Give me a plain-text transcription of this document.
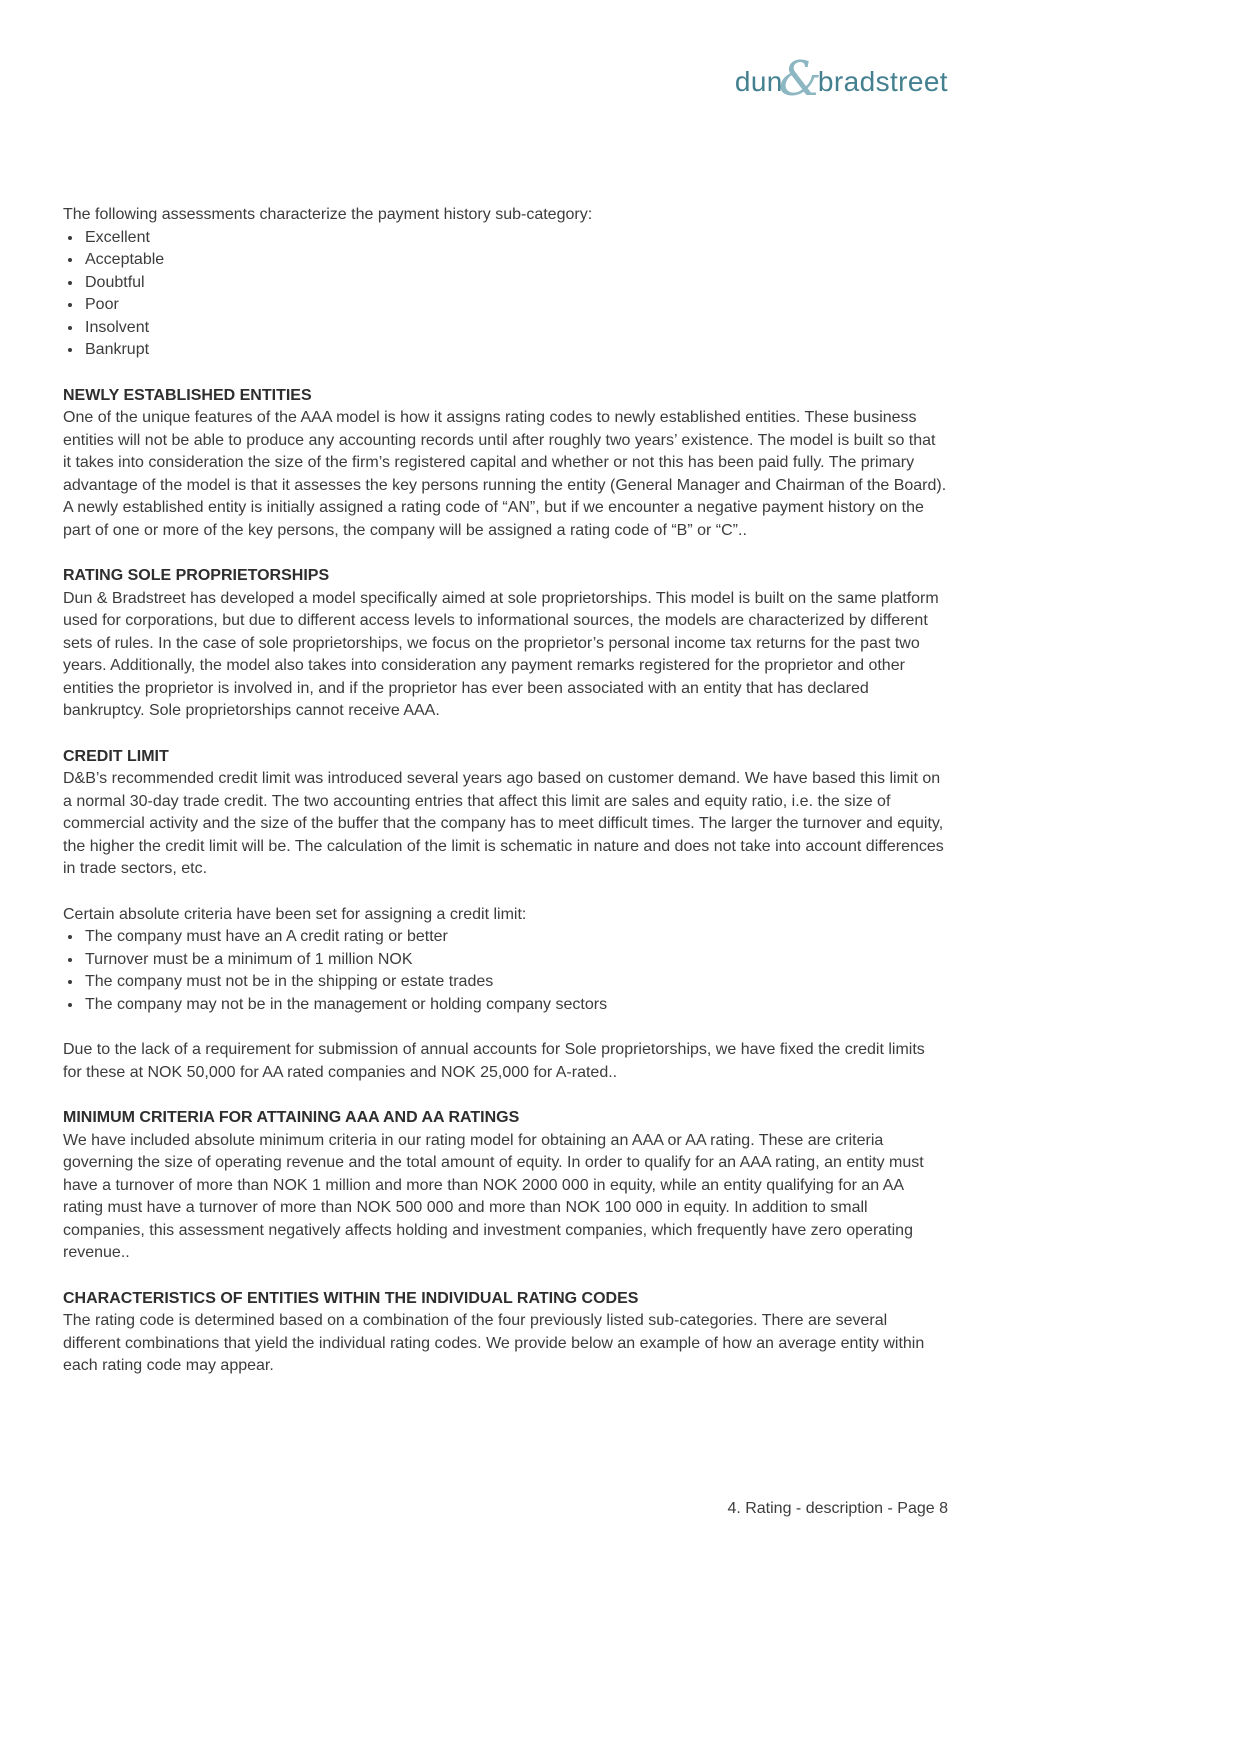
dun
&
bradstreet

The following assessments characterize the payment history sub-category:

• Excellent
• Acceptable
• Doubtful
• Poor
• Insolvent
• Bankrupt
NEWLY ESTABLISHED ENTITIES

One of the unique features of the AAA model is how it assigns rating codes to newly established entities. These business entities will not be able to produce any accounting records until after roughly two years’ existence. The model is built so that it takes into consideration the size of the firm’s registered capital and whether or not this has been paid fully. The primary advantage of the model is that it assesses the key persons running the entity (General Manager and Chairman of the Board). A newly established entity is initially assigned a rating code of “AN”, but if we encounter a negative payment history on the part of one or more of the key persons, the company will be assigned a rating code of “B” or “C”..

RATING SOLE PROPRIETORSHIPS

Dun & Bradstreet has developed a model specifically aimed at sole proprietorships. This model is built on the same platform used for corporations, but due to different access levels to informational sources, the models are characterized by different sets of rules. In the case of sole proprietorships, we focus on the proprietor’s personal income tax returns for the past two years. Additionally, the model also takes into consideration any payment remarks registered for the proprietor and other entities the proprietor is involved in, and if the proprietor has ever been associated with an entity that has declared bankruptcy. Sole proprietorships cannot receive AAA.

CREDIT LIMIT

D&B’s recommended credit limit was introduced several years ago based on customer demand. We have based this limit on a normal 30-day trade credit. The two accounting entries that affect this limit are sales and equity ratio, i.e. the size of commercial activity and the size of the buffer that the company has to meet difficult times. The larger the turnover and equity, the higher the credit limit will be. The calculation of the limit is schematic in nature and does not take into account differences in trade sectors, etc.

Certain absolute criteria have been set for assigning a credit limit:

• The company must have an A credit rating or better
• Turnover must be a minimum of 1 million NOK
• The company must not be in the shipping or estate trades
• The company may not be in the management or holding company sectors

Due to the lack of a requirement for submission of annual accounts for Sole proprietorships, we have fixed the credit limits for these at NOK 50,000 for AA rated companies and NOK 25,000 for A-rated..

MINIMUM CRITERIA FOR ATTAINING AAA AND AA RATINGS

We have included absolute minimum criteria in our rating model for obtaining an AAA or AA rating. These are criteria governing the size of operating revenue and the total amount of equity. In order to qualify for an AAA rating, an entity must have a turnover of more than NOK 1 million and more than NOK 2000 000 in equity, while an entity qualifying for an AA rating must have a turnover of more than NOK 500 000 and more than NOK 100 000 in equity. In addition to small companies, this assessment negatively affects holding and investment companies, which frequently have zero operating revenue..

CHARACTERISTICS OF ENTITIES WITHIN THE INDIVIDUAL RATING CODES

The rating code is determined based on a combination of the four previously listed sub-categories. There are several different combinations that yield the individual rating codes. We provide below an example of how an average entity within each rating code may appear.

4. Rating - description - Page 8
